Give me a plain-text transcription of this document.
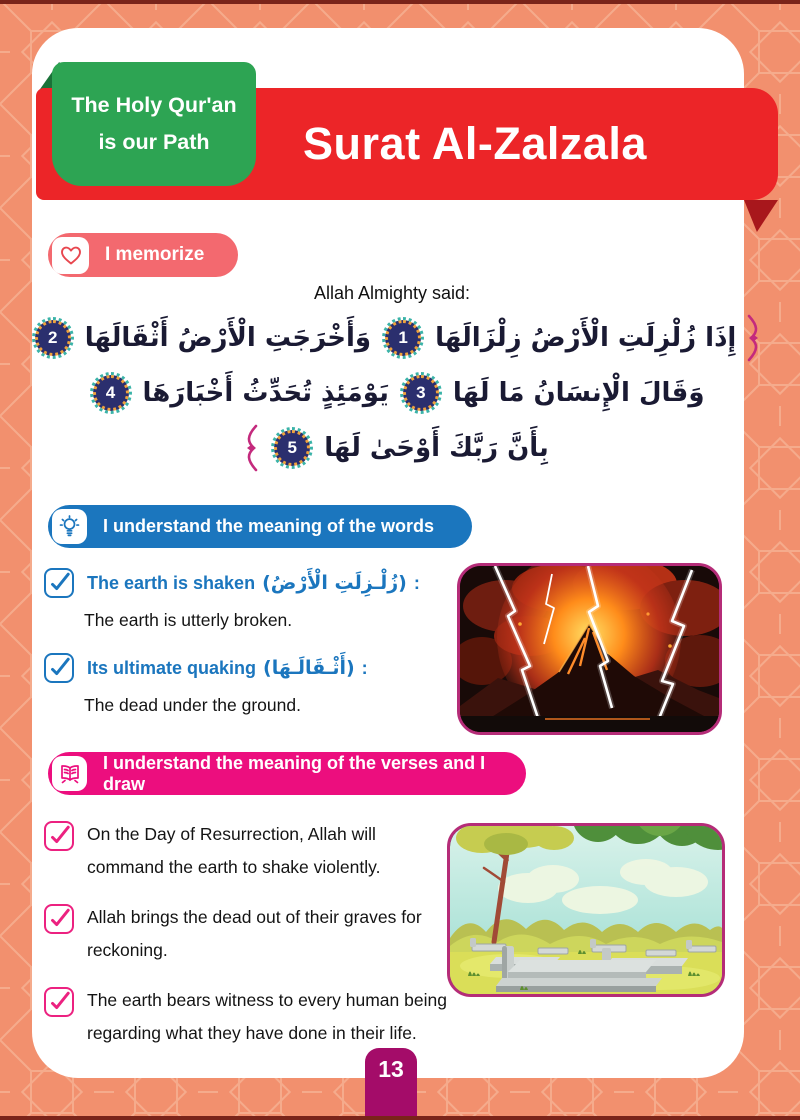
Surat Al-Zalzala
The Holy Qur'an
is our Path
I memorize
Allah Almighty said:
إِذَا زُلْزِلَتِ الْأَرْضُ زِلْزَالَهَا
1
وَأَخْرَجَتِ الْأَرْضُ أَثْقَالَهَا
2
وَقَالَ الْإِنسَانُ مَا لَهَا
3
يَوْمَئِذٍ تُحَدِّثُ أَخْبَارَهَا
4
بِأَنَّ رَبَّكَ أَوْحَىٰ لَهَا
5
I understand the meaning of the words
The earth is shaken (زُلْـزِلَتِ الْأَرْضُ) :
The earth is utterly broken.
Its ultimate quaking (أَثْـقَالَـهَا) :
The dead under the ground.
I understand the meaning of the verses and I draw
On the Day of Resurrection, Allah will command the earth to shake violently.
Allah brings the dead out of their graves for reckoning.
The earth bears witness to every human being regarding what they have done in their life.
13
